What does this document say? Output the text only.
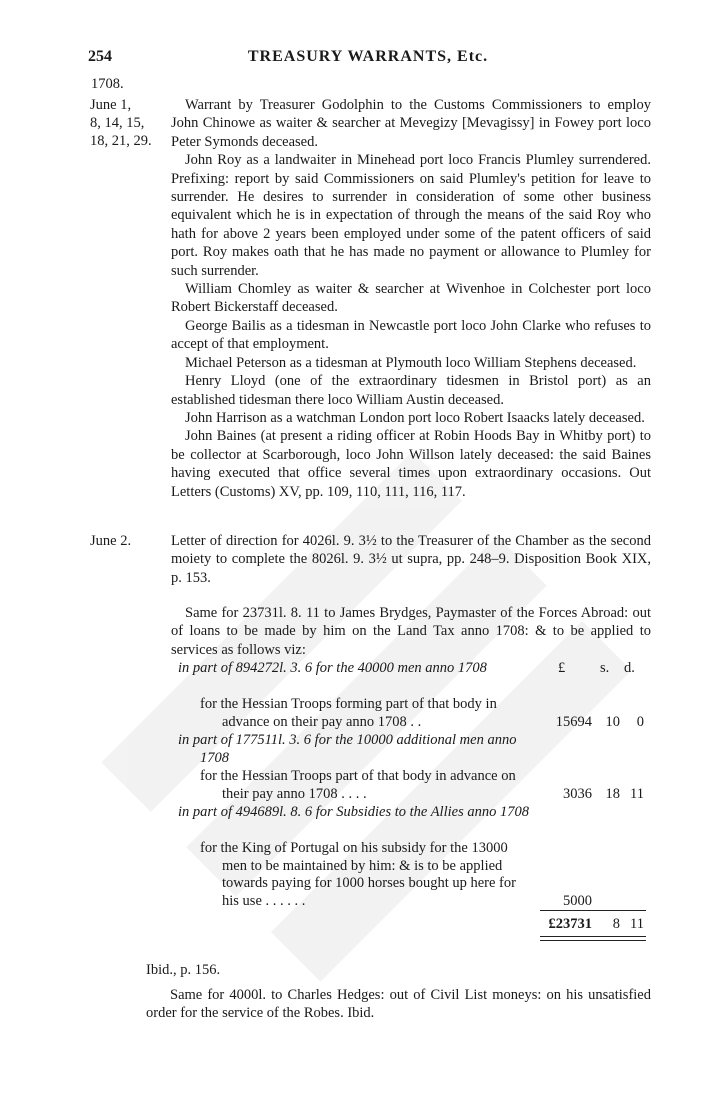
254	TREASURY WARRANTS, Etc.
1708.
June 1,
8, 14, 15,
18, 21, 29.

Warrant by Treasurer Godolphin to the Customs Commissioners to employ John Chinowe as waiter & searcher at Mevegizy [Mevagissy] in Fowey port loco Peter Symonds deceased.

John Roy as a landwaiter in Minehead port loco Francis Plumley surrendered. Prefixing: report by said Commissioners on said Plumley's petition for leave to surrender. He desires to surrender in consideration of some other business equivalent which he is in expectation of through the means of the said Roy who hath for above 2 years been employed under some of the patent officers of said port. Roy makes oath that he has made no payment or allowance to Plumley for such surrender.

William Chomley as waiter & searcher at Wivenhoe in Colchester port loco Robert Bickerstaff deceased.

George Bailis as a tidesman in Newcastle port loco John Clarke who refuses to accept of that employment.

Michael Peterson as a tidesman at Plymouth loco William Stephens deceased.

Henry Lloyd (one of the extraordinary tidesmen in Bristol port) as an established tidesman there loco William Austin deceased.

John Harrison as a watchman London port loco Robert Isaacks lately deceased.

John Baines (at present a riding officer at Robin Hoods Bay in Whitby port) to be collector at Scarborough, loco John Willson lately deceased: the said Baines having executed that office several times upon extraordinary occasions. Out Letters (Customs) XV, pp. 109, 110, 111, 116, 117.

June 2.	Letter of direction for 4026l. 9. 3½ to the Treasurer of the Chamber as the second moiety to complete the 8026l. 9. 3½ ut supra, pp. 248–9. Disposition Book XIX, p. 153.

Same for 23731l. 8. 11 to James Brydges, Paymaster of the Forces Abroad: out of loans to be made by him on the Land Tax anno 1708: & to be applied to services as follows viz:

£ s. d.
in part of 894272l. 3. 6 for the 40000 men anno 1708
for the Hessian Troops forming part of that body in advance on their pay anno 1708 . .	15694 10	0
in part of 177511l. 3. 6 for the 10000 additional men anno 1708
for the Hessian Troops part of that body in advance on their pay anno 1708 . . . .	3036 18 11
in part of 494689l. 8. 6 for Subsidies to the Allies anno 1708
for the King of Portugal on his subsidy for the 13000 men to be maintained by him: & is to be applied towards paying for 1000 horses bought up here for his use . . . . . .	5000
£23731	8 11
Ibid., p. 156.
Same for 4000l. to Charles Hedges: out of Civil List moneys: on his unsatisfied order for the service of the Robes. Ibid.
